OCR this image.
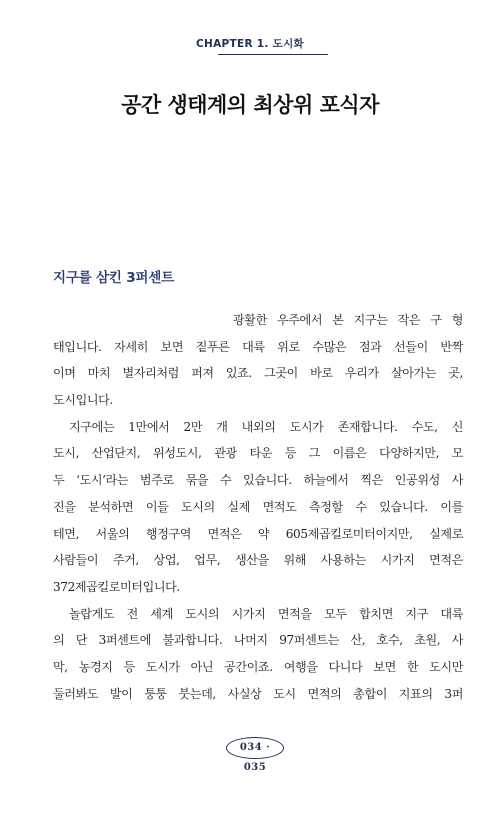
CHAPTER 1. 도시화
공간 생태계의 최상위 포식자
지구를 삼킨 3퍼센트
광활한 우주에서 본 지구는 작은 구 형
태입니다. 자세히 보면 짙푸른 대륙 위로 수많은 점과 선들이 반짝
이며 마치 별자리처럼 퍼져 있죠. 그곳이 바로 우리가 살아가는 곳,
도시입니다.
지구에는 1만에서 2만 개 내외의 도시가 존재합니다. 수도, 신
도시, 산업단지, 위성도시, 관광 타운 등 그 이름은 다양하지만, 모
두 ‘도시’라는 범주로 묶을 수 있습니다. 하늘에서 찍은 인공위성 사
진을 분석하면 이들 도시의 실제 면적도 측정할 수 있습니다. 이를
테면, 서울의 행정구역 면적은 약 605제곱킬로미터이지만, 실제로
사람들이 주거, 상업, 업무, 생산을 위해 사용하는 시가지 면적은
372제곱킬로미터입니다.
놀랍게도 전 세계 도시의 시가지 면적을 모두 합치면 지구 대륙
의 단 3퍼센트에 불과합니다. 나머지 97퍼센트는 산, 호수, 초원, 사
막, 농경지 등 도시가 아닌 공간이죠. 여행을 다니다 보면 한 도시만
둘러봐도 발이 퉁퉁 붓는데, 사실상 도시 면적의 총합이 지표의 3퍼
034 · 035
